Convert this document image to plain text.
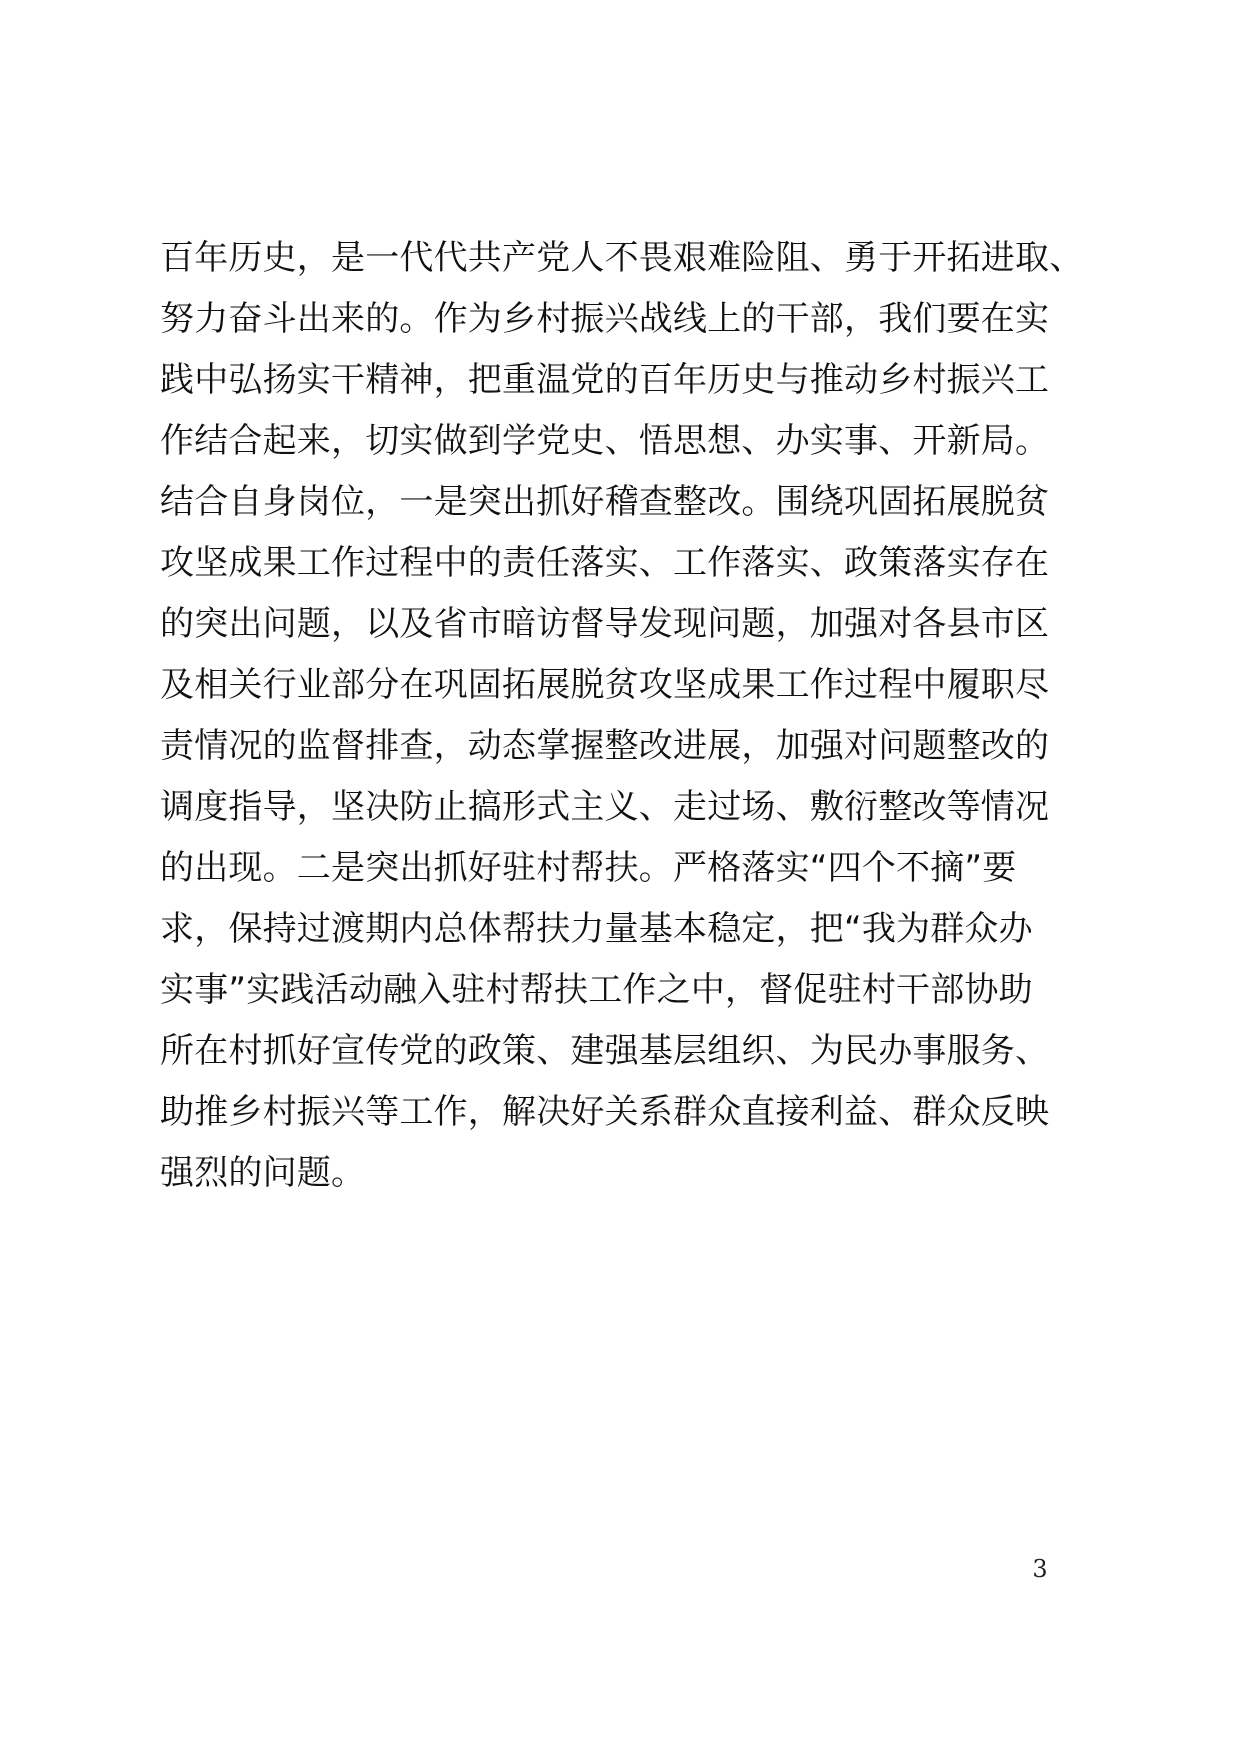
百年历史，是一代代共产党人不畏艰难险阻、勇于开拓进取、
努力奋斗出来的。作为乡村振兴战线上的干部，我们要在实
践中弘扬实干精神，把重温党的百年历史与推动乡村振兴工
作结合起来，切实做到学党史、悟思想、办实事、开新局。
结合自身岗位，一是突出抓好稽查整改。围绕巩固拓展脱贫
攻坚成果工作过程中的责任落实、工作落实、政策落实存在
的突出问题，以及省市暗访督导发现问题，加强对各县市区
及相关行业部分在巩固拓展脱贫攻坚成果工作过程中履职尽
责情况的监督排查，动态掌握整改进展，加强对问题整改的
调度指导，坚决防止搞形式主义、走过场、敷衍整改等情况
的出现。二是突出抓好驻村帮扶。严格落实“四个不摘”要
求，保持过渡期内总体帮扶力量基本稳定，把“我为群众办
实事”实践活动融入驻村帮扶工作之中，督促驻村干部协助
所在村抓好宣传党的政策、建强基层组织、为民办事服务、
助推乡村振兴等工作，解决好关系群众直接利益、群众反映
强烈的问题。
3
